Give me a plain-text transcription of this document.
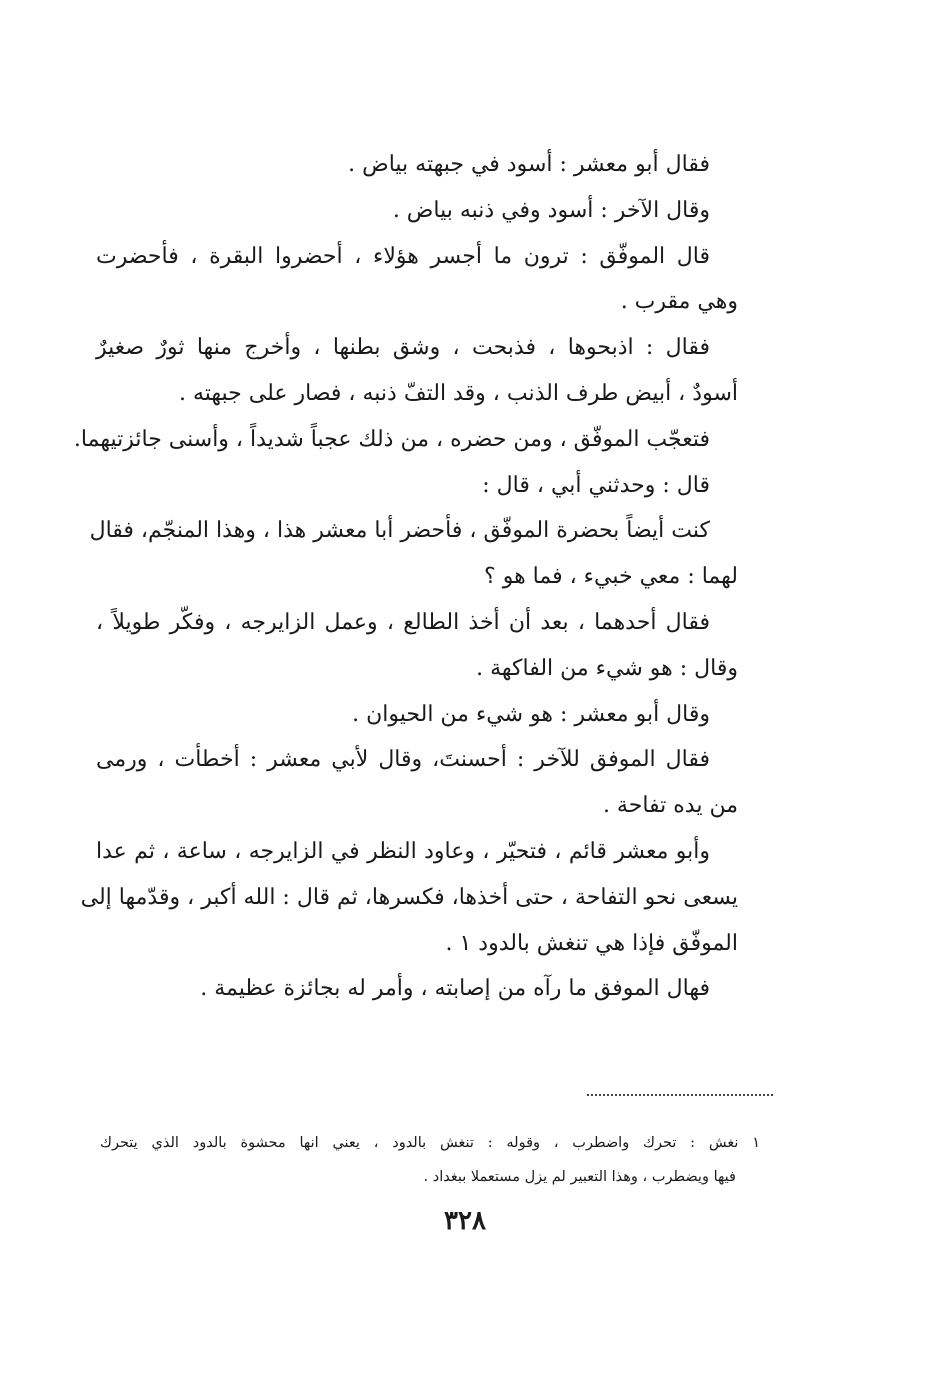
فقال أبو معشر : أسود في جبهته بياض .
وقال الآخر : أسود وفي ذنبه بياض .
قال الموفّق : ترون ما أجسر هؤلاء ، أحضروا البقرة ، فأحضرت
وهي مقرب .
فقال : اذبحوها ، فذبحت ، وشق بطنها ، وأخرج منها ثورٌ صغيرٌ
أسودٌ ، أبيض طرف الذنب ، وقد التفّ ذنبه ، فصار على جبهته .
فتعجّب الموفّق ، ومن حضره ، من ذلك عجباً شديداً ، وأسنى جائزتيهما.
قال : وحدثني أبي ، قال :
كنت أيضاً بحضرة الموفّق ، فأحضر أبا معشر هذا ، وهذا المنجّم، فقال
لهما : معي خبيء ، فما هو ؟
فقال أحدهما ، بعد أن أخذ الطالع ، وعمل الزايرجه ، وفكّر طويلاً ،
وقال : هو شيء من الفاكهة .
وقال أبو معشر : هو شيء من الحيوان .
فقال الموفق للآخر : أحسنتَ، وقال لأبي معشر : أخطأت ، ورمى
من يده تفاحة .
وأبو معشر قائم ، فتحيّر ، وعاود النظر في الزايرجه ، ساعة ، ثم عدا
يسعى نحو التفاحة ، حتى أخذها، فكسرها، ثم قال : الله أكبر ، وقدّمها إلى
الموفّق فإذا هي تنغش بالدود ١ .
فهال الموفق ما رآه من إصابته ، وأمر له بجائزة عظيمة .
١ نغش : تحرك واضطرب ، وقوله : تنغش بالدود ، يعني انها محشوة بالدود الذي يتحرك
فيها ويضطرب ، وهذا التعبير لم يزل مستعملا ببغداد .
٣٢٨
